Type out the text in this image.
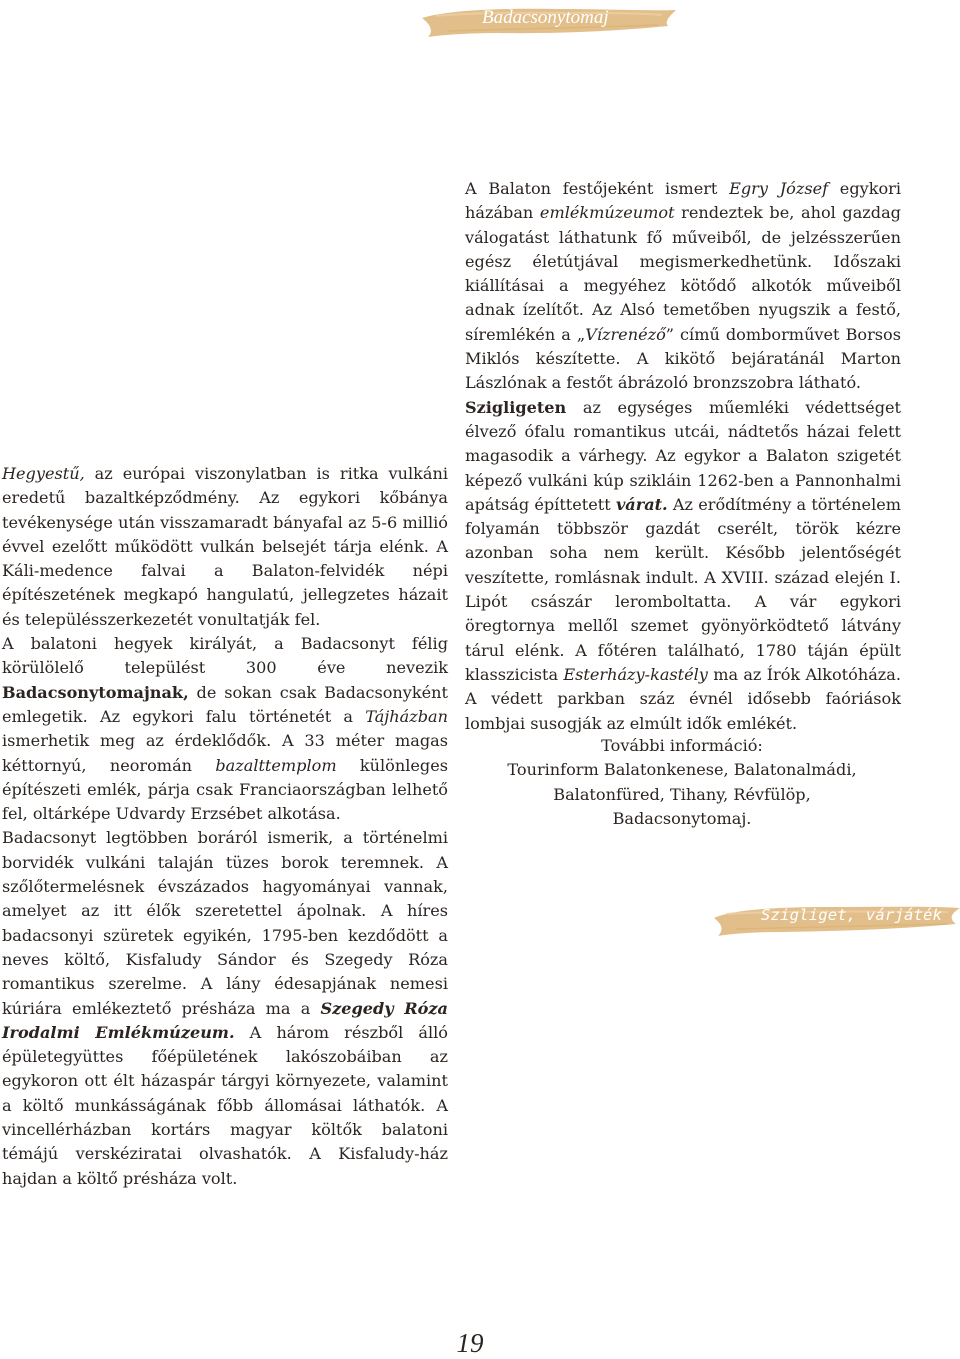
Badacsonytomaj

Hegyestű, az európai viszonylatban is ritka vulkáni eredetű bazaltképződmény. Az egykori kőbánya tevékenysége után visszamaradt bányafal az 5-6 millió évvel ezelőtt működött vulkán belsejét tárja elénk. A Káli-medence falvai a Balaton-felvidék népi építészetének megkapó hangulatú, jellegzetes házait és településszerkezetét vonultatják fel.

A balatoni hegyek királyát, a Badacsonyt félig körülölelő települést 300 éve nevezik Badacsonytomajnak, de sokan csak Badacsonyként emlegetik. Az egykori falu történetét a Tájházban ismerhetik meg az érdeklődők. A 33 méter magas kéttornyú, neoromán bazalttemplom különleges építészeti emlék, párja csak Franciaországban lelhető fel, oltárképe Udvardy Erzsébet alkotása.

Badacsonyt legtöbben boráról ismerik, a történelmi borvidék vulkáni talaján tüzes borok teremnek. A szőlőtermelésnek évszázados hagyományai vannak, amelyet az itt élők szeretettel ápolnak. A híres badacsonyi szüretek egyikén, 1795-ben kezdődött a neves költő, Kisfaludy Sándor és Szegedy Róza romantikus szerelme. A lány édesapjának nemesi kúriára emlékeztető présháza ma a Szegedy Róza Irodalmi Emlékmúzeum. A három részből álló épületegyüttes főépületének lakószobáiban az egykoron ott élt házaspár tárgyi környezete, valamint a költő munkásságának főbb állomásai láthatók. A vincellérházban kortárs magyar költők balatoni témájú verskéziratai olvashatók. A Kisfaludy-ház hajdan a költő présháza volt.

A Balaton festőjeként ismert Egry József egykori házában emlékmúzeumot rendeztek be, ahol gazdag válogatást láthatunk fő műveiből, de jelzésszerűen egész életútjával megismerkedhetünk. Időszaki kiállításai a megyéhez kötődő alkotók műveiből adnak ízelítőt. Az Alsó temetőben nyugszik a festő, síremlékén a „Vízrenéző” című domborművet Borsos Miklós készítette. A kikötő bejáratánál Marton Lászlónak a festőt ábrázoló bronzszobra látható.

Szigligeten az egységes műemléki védettséget élvező ófalu romantikus utcái, nádtetős házai felett magasodik a várhegy. Az egykor a Balaton szigetét képező vulkáni kúp szikláin 1262-ben a Pannonhalmi apátság építtetett várat. Az erődítmény a történelem folyamán többször gazdát cserélt, török kézre azonban soha nem került. Később jelentőségét veszítette, romlásnak indult. A XVIII. század elején I. Lipót császár leromboltatta. A vár egykori öregtornya mellől szemet gyönyörködtető látvány tárul elénk. A főtéren található, 1780 táján épült klasszicista Esterházy-kastély ma az Írók Alkotóháza. A védett parkban száz évnél idősebb faóriások lombjai susogják az elmúlt idők emlékét.

További információ:
Tourinform Balatonkenese, Balatonalmádi,
Balatonfüred, Tihany, Révfülöp,
Badacsonytomaj.
Szigliget, várjáték
19
